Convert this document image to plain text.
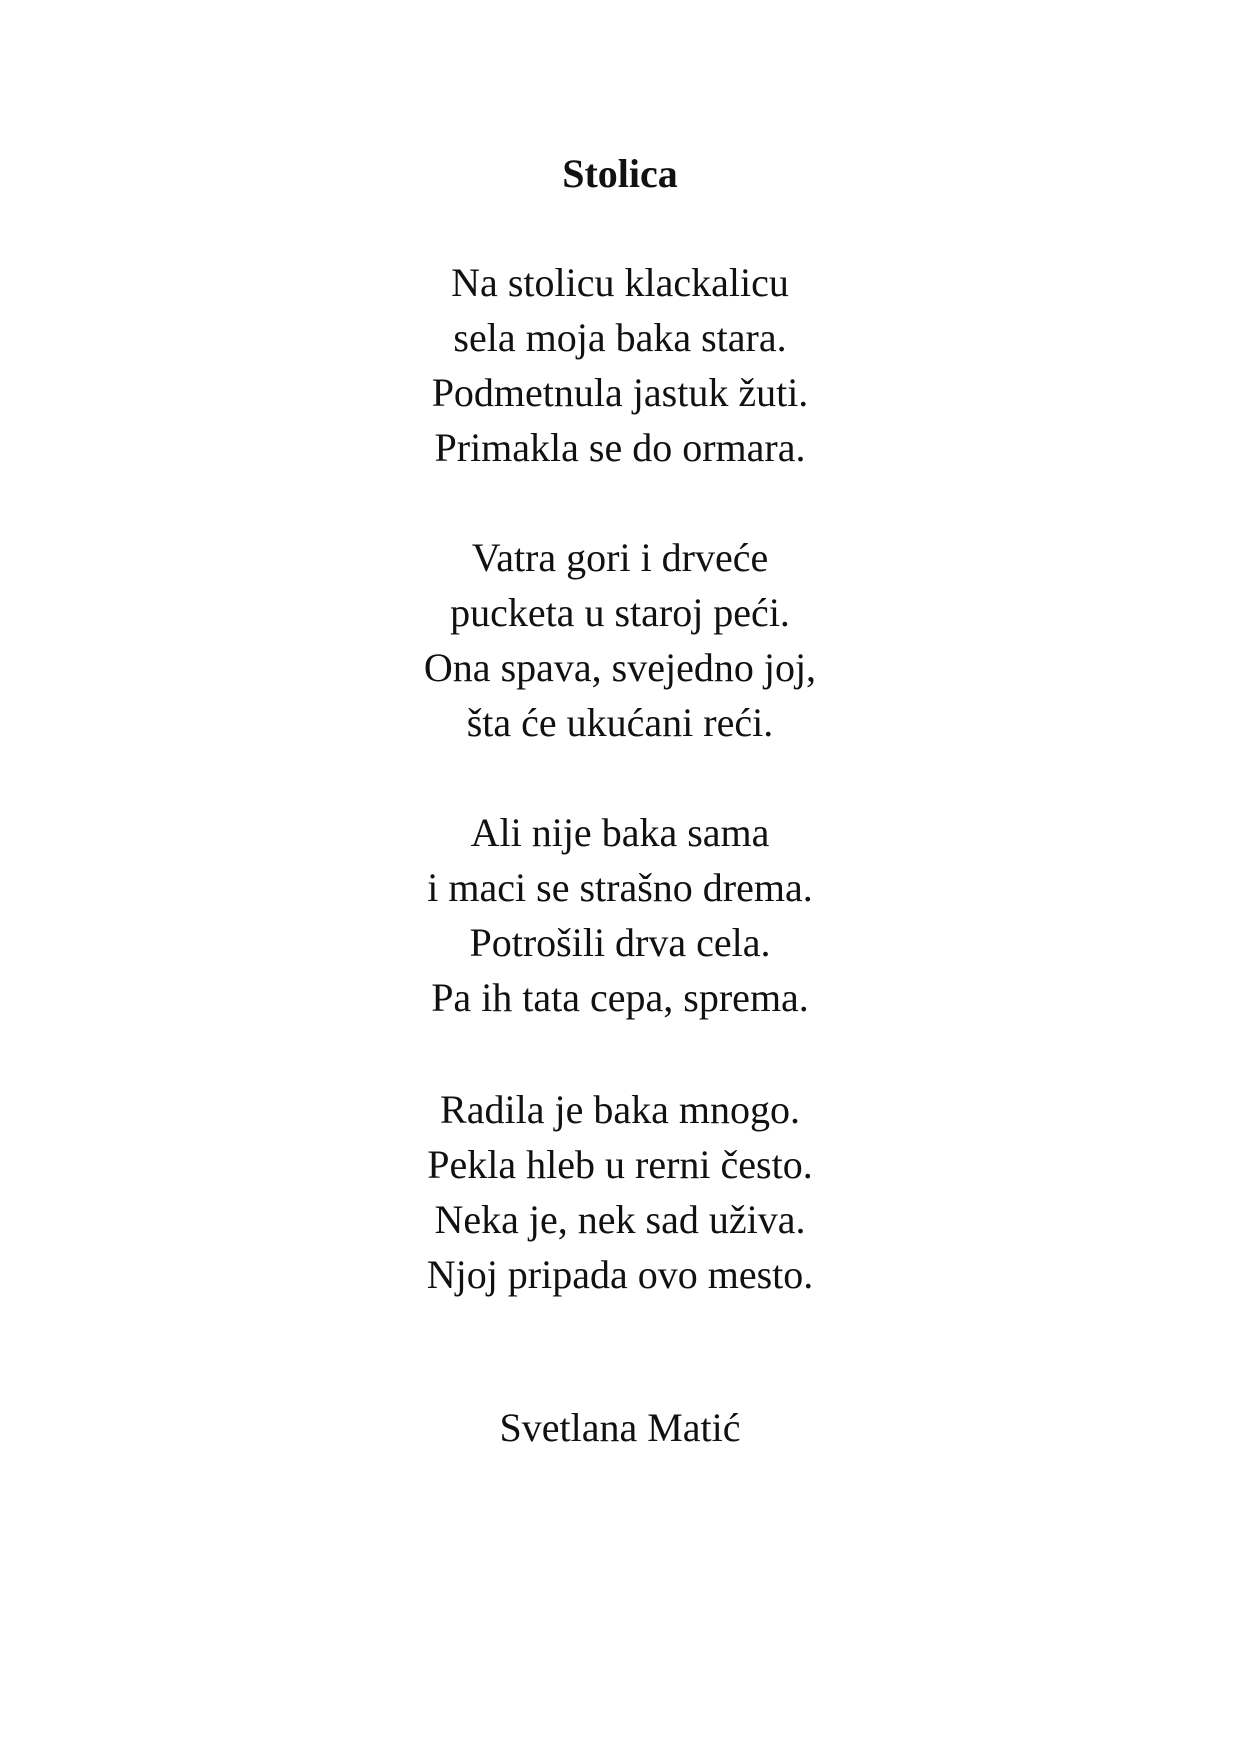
Stolica
Na stolicu klackalicu
sela moja baka stara.
Podmetnula jastuk žuti.
Primakla se do ormara.
Vatra gori i drveće
pucketa u staroj peći.
Ona spava, svejedno joj,
šta će ukućani reći.
Ali nije baka sama
i maci se strašno drema.
Potrošili drva cela.
Pa ih tata cepa, sprema.
Radila je baka mnogo.
Pekla hleb u rerni često.
Neka je, nek sad uživa.
Njoj pripada ovo mesto.

Svetlana Matić
